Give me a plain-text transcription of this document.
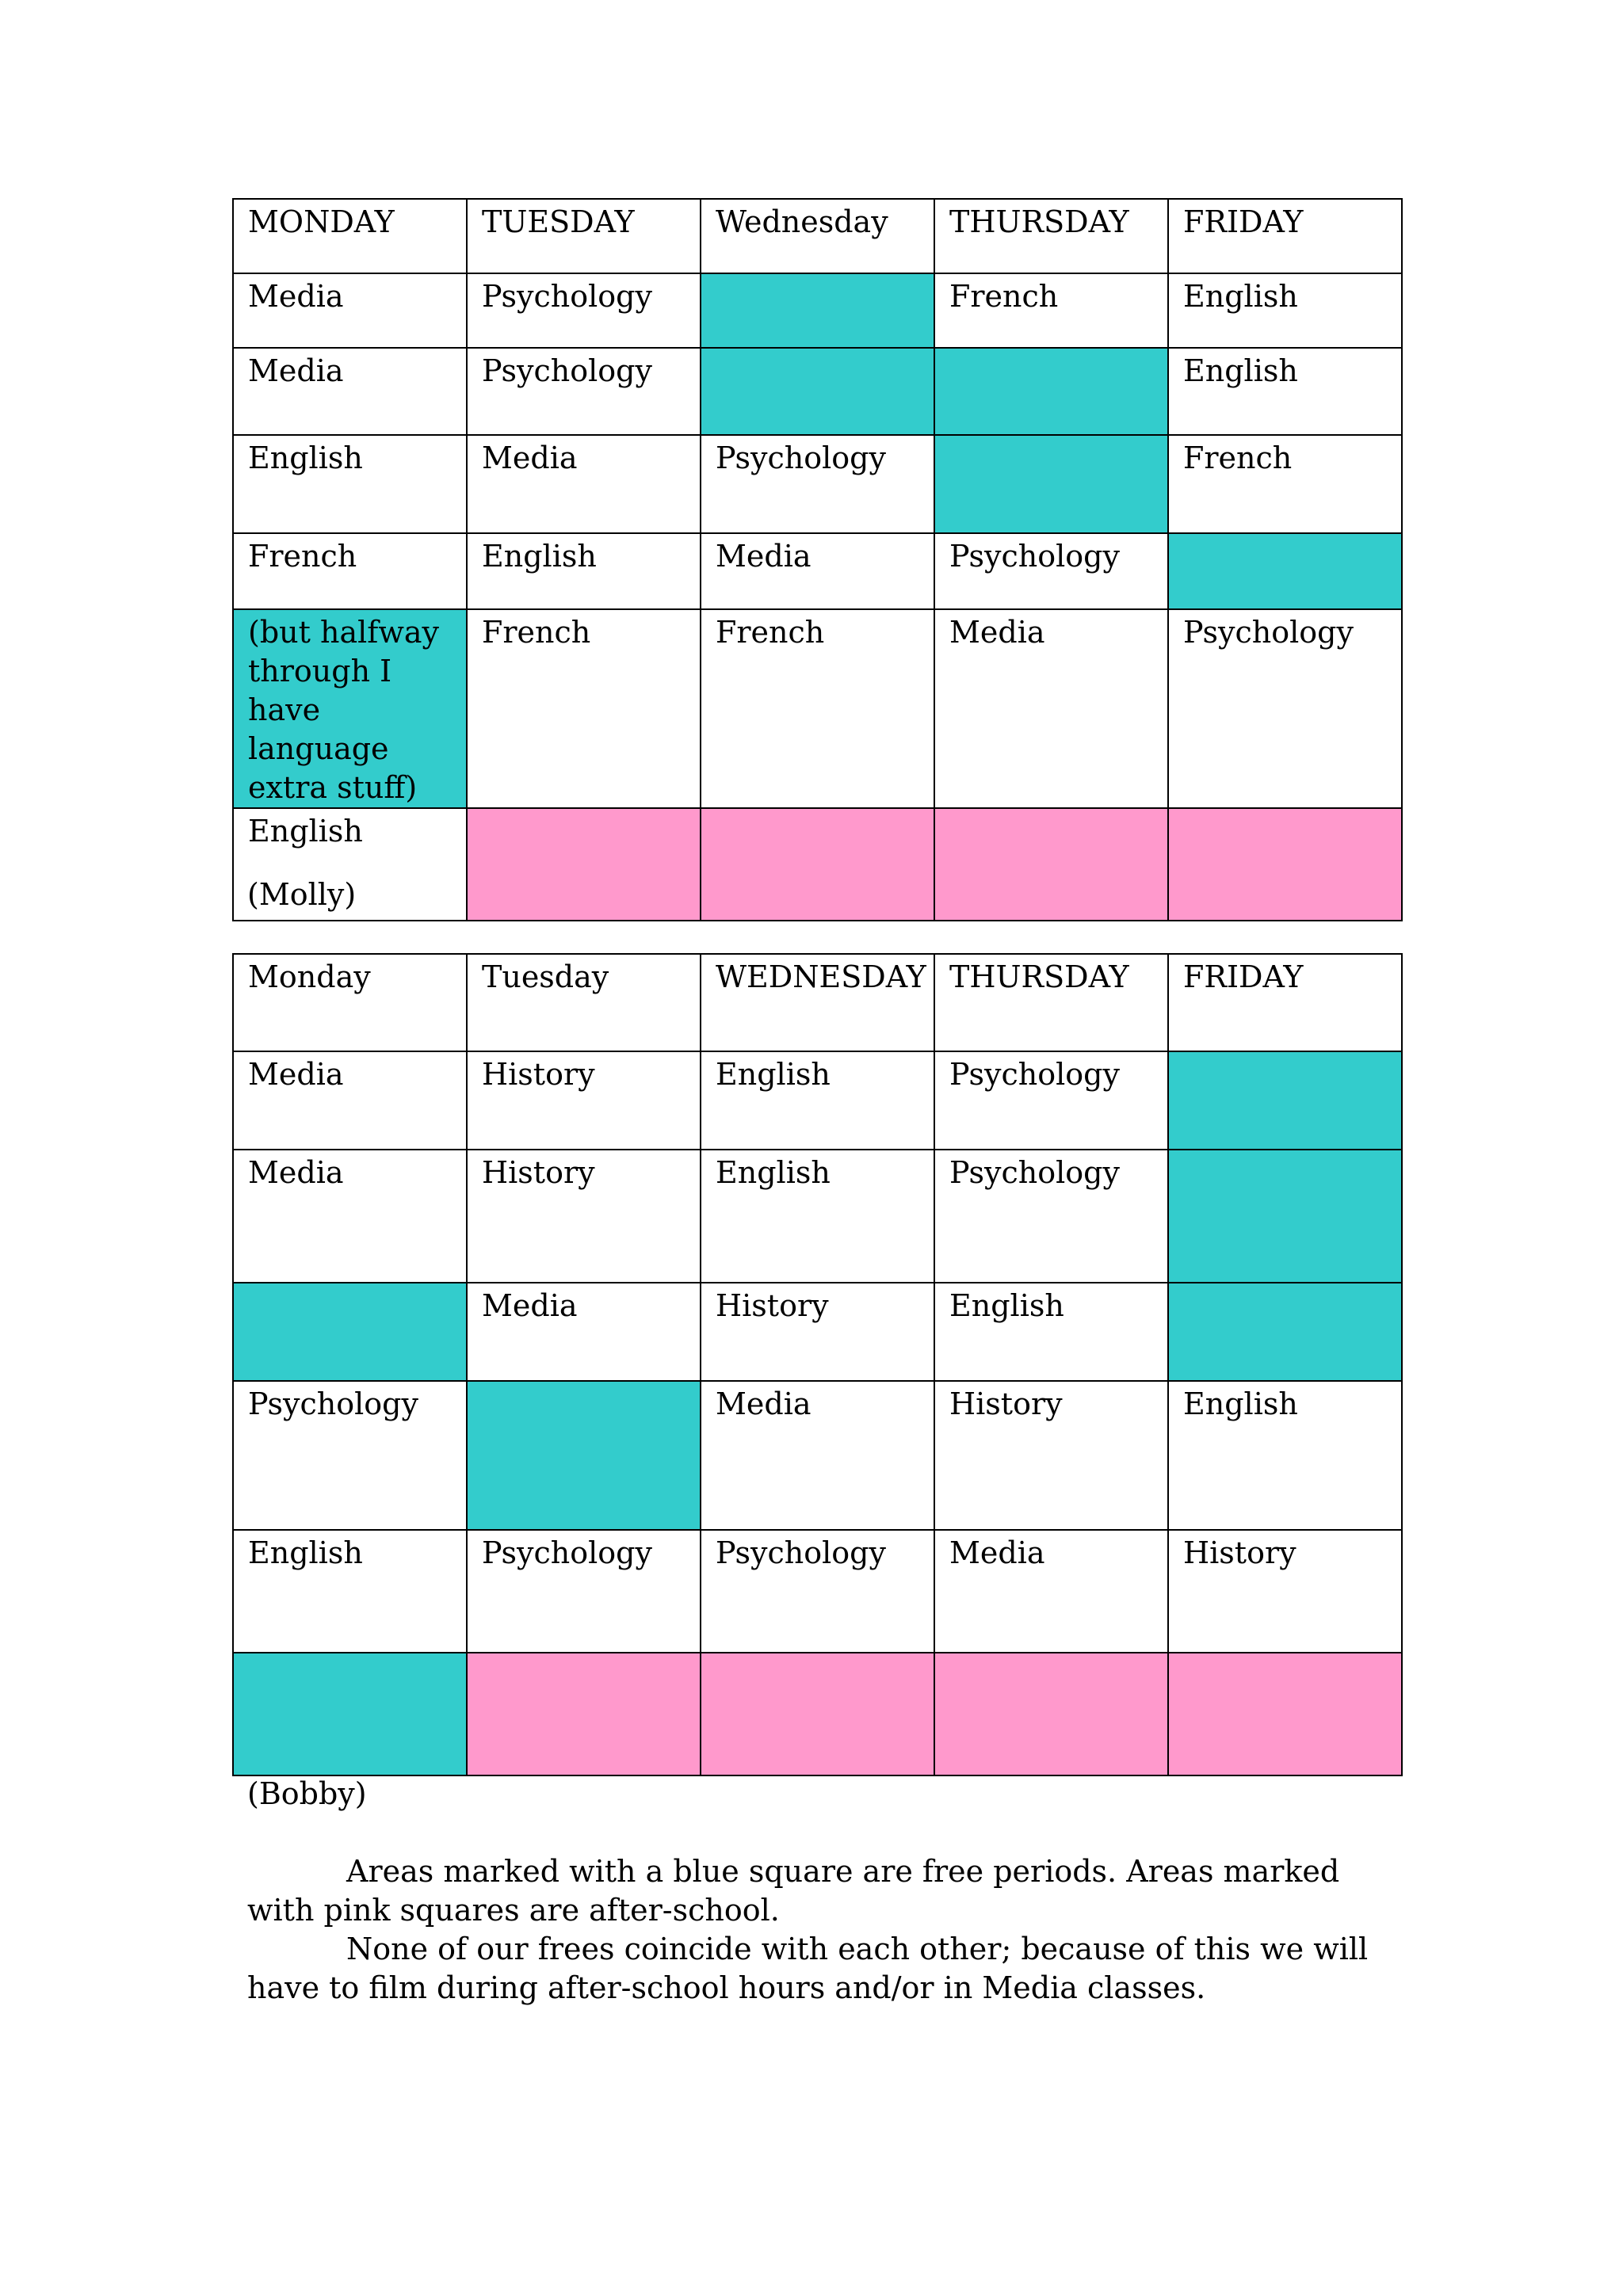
MONDAY	TUESDAY	Wednesday	THURSDAY	FRIDAY
Media	Psychology		French	English
Media	Psychology			English
English	Media	Psychology		French
French	English	Media	Psychology	
(but halfway through I have language extra stuff)	French	French	Media	Psychology
English				
(Molly)
Monday	Tuesday	WEDNESDAY	THURSDAY	FRIDAY
Media	History	English	Psychology	
Media	History	English	Psychology	
	Media	History	English	
Psychology		Media	History	English
English	Psychology	Psychology	Media	History

(Bobby)

Areas marked with a blue square are free periods. Areas marked with pink squares are after-school.

None of our frees coincide with each other; because of this we will have to film during after-school hours and/or in Media classes.
